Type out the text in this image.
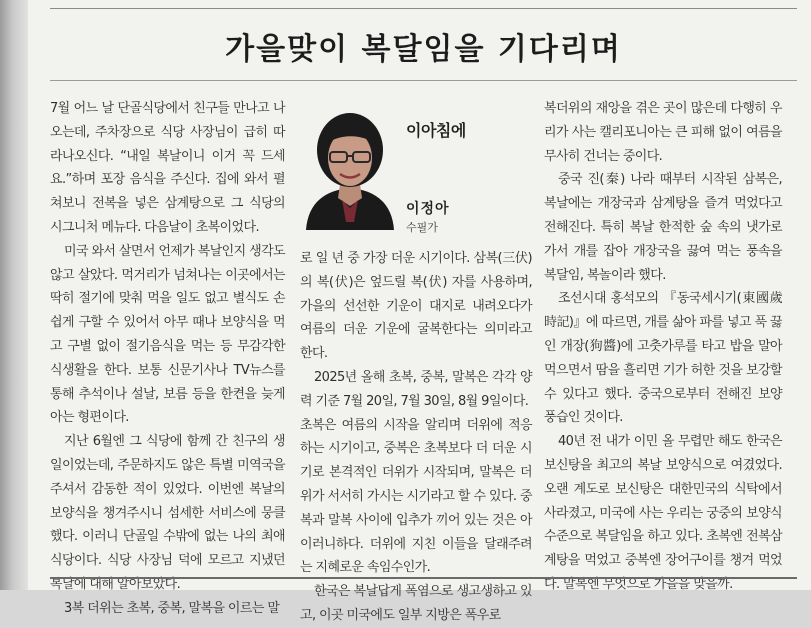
가을맞이 복달임을 기다리며

7월 어느 날 단골식당에서 친구들 만나고 나오는데, 주차장으로 식당 사장님이 급히 따라나오신다. “내일 복날이니 이거 꼭 드세요.”하며 포장 음식을 주신다. 집에 와서 펼쳐보니 전복을 넣은 삼계탕으로 그 식당의 시그니처 메뉴다. 다음날이 초복이었다.

미국 와서 살면서 언제가 복날인지 생각도 않고 살았다. 먹거리가 넘쳐나는 이곳에서는 딱히 절기에 맞춰 먹을 일도 없고 별식도 손쉽게 구할 수 있어서 아무 때나 보양식을 먹고 구별 없이 절기음식을 먹는 등 무감각한 식생활을 한다. 보통 신문기사나 TV뉴스를 통해 추석이나 설날, 보름 등을 한켠을 늦게 아는 형편이다.

지난 6월엔 그 식당에 함께 간 친구의 생일이었는데, 주문하지도 않은 특별 미역국을 주셔서 감동한 적이 있었다. 이번엔 복날의 보양식을 챙겨주시니 섬세한 서비스에 뭉클했다. 이러니 단골일 수밖에 없는 나의 최애식당이다. 식당 사장님 덕에 모르고 지냈던 복날에 대해 알아보았다.

3복 더위는 초복, 중복, 말복을 이르는 말

이아침에
이정아
수필가

로 일 년 중 가장 더운 시기이다. 삼복(三伏)의 복(伏)은 엎드릴 복(伏) 자를 사용하며, 가을의 선선한 기운이 대지로 내려오다가 여름의 더운 기운에 굴복한다는 의미라고 한다.

2025년 올해 초복, 중복, 말복은 각각 양력 기준 7월 20일, 7월 30일, 8월 9일이다.

초복은 여름의 시작을 알리며 더위에 적응하는 시기이고, 중복은 초복보다 더 더운 시기로 본격적인 더위가 시작되며, 말복은 더위가 서서히 가시는 시기라고 할 수 있다. 중복과 말복 사이에 입추가 끼어 있는 것은 아이러니하다. 더위에 지친 이들을 달래주려는 지혜로운 속임수인가.

한국은 복날답게 폭염으로 생고생하고 있고, 이곳 미국에도 일부 지방은 폭우로

복더위의 재앙을 겪은 곳이 많은데 다행히 우리가 사는 캘리포니아는 큰 피해 없이 여름을 무사히 건너는 중이다.

중국 진(秦) 나라 때부터 시작된 삼복은, 복날에는 개장국과 삼계탕을 즐겨 먹었다고 전해진다. 특히 복날 한적한 숲 속의 냇가로 가서 개를 잡아 개장국을 끓여 먹는 풍속을 복달임, 복놀이라 했다.

조선시대 홍석모의 『동국세시기(東國歲時記)』에 따르면, 개를 삶아 파를 넣고 푹 끓인 개장(狗醬)에 고춧가루를 타고 밥을 말아먹으면서 땀을 흘리면 기가 허한 것을 보강할 수 있다고 했다. 중국으로부터 전해진 보양 풍습인 것이다.

40년 전 내가 이민 올 무렵만 해도 한국은 보신탕을 최고의 복날 보양식으로 여겼었다. 오랜 계도로 보신탕은 대한민국의 식탁에서 사라졌고, 미국에 사는 우리는 궁중의 보양식 수준으로 복달임을 하고 있다. 초복엔 전복삼계탕을 먹었고 중복엔 장어구이를 챙겨 먹었다. 말복엔 무엇으로 가을을 맞을까.
